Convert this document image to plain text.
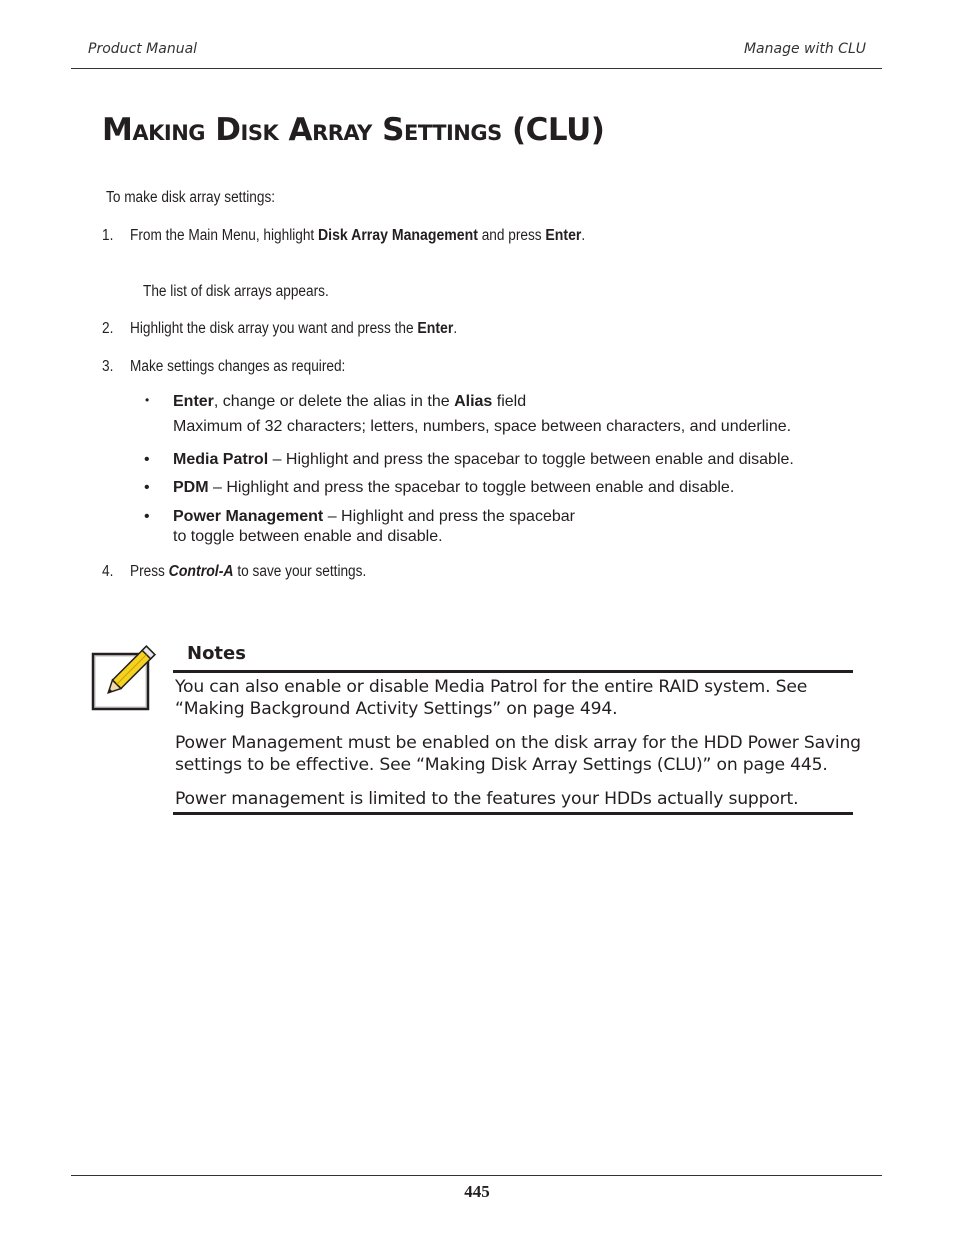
Product Manual	Manage with CLU
MAKING DISK ARRAY SETTINGS (CLU)
To make disk array settings:
1. From the Main Menu, highlight Disk Array Management and press Enter.
The list of disk arrays appears.
2. Highlight the disk array you want and press the Enter.
3. Make settings changes as required:
• Enter, change or delete the alias in the Alias field
Maximum of 32 characters; letters, numbers, space between characters, and underline.
• Media Patrol – Highlight and press the spacebar to toggle between enable and disable.
• PDM – Highlight and press the spacebar to toggle between enable and disable.
• Power Management – Highlight and press the spacebar
to toggle between enable and disable.
4. Press Control-A to save your settings.
Notes
You can also enable or disable Media Patrol for the entire RAID system. See
“Making Background Activity Settings” on page 494.
Power Management must be enabled on the disk array for the HDD Power Saving
settings to be effective. See “Making Disk Array Settings (CLU)” on page 445.
Power management is limited to the features your HDDs actually support.
445
